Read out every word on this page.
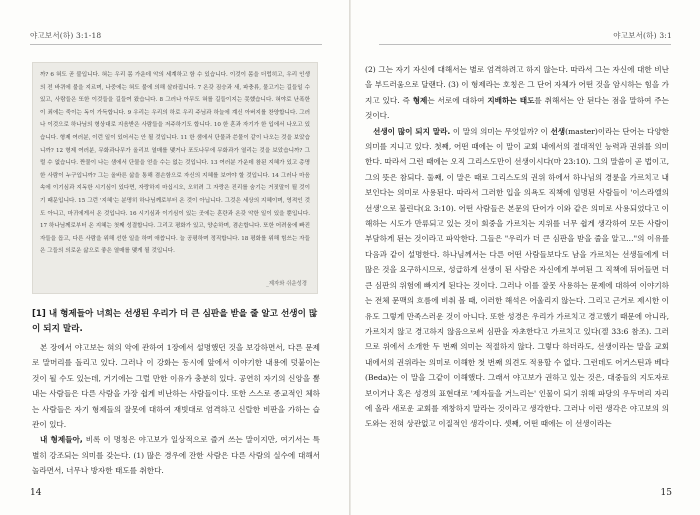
야고보서(하) 3:1-18
까? 6 혀도 곧 불입니다. 혀는 우리 몸 가운데 악의 세계하고 함 수 있습니다. 이것이 몸을 더럽히고, 우리 인생의 전 바퀴에 불을 지르며, 나중에는 혀도 불에 의해 살라집니다. 7 온갖 짐승과 새, 파충류, 물고기는 길들일 수 있고, 사람들은 또한 이것들을 길들여 왔습니다. 8 그러나 아무도 혀를 길들이지는 못했습니다. 혀야로 난폭한 이 죄에는 죽이는 독이 가득합니다. 9 우리는 우리의 하로 우리 주님과 하늘에 계신 아버지를 찬양합니다. 그러나 이것으로 하나님의 형상대로 지음받은 사람들을 저주하기도 합니다. 10 한 혼과 자기가 한 입에서 나오고 있습니다. 형제 여러분, 이런 일이 있어서는 안 될 것입니다. 11 한 샘에서 단물과 쓴물이 같이 나오는 것을 보았습니까? 12 형제 여러분, 무화과나무가 올리브 열매를 맺거나 포도나무에 무화과가 열리는 것을 보았습니까? 그럴 수 없습니다. 짠물이 나는 샘에서 단물을 얻을 수는 없는 것입니다. 13 여러분 가운데 참된 지혜가 있고 총명한 사람이 누구입니까? 그는 올바른 삶을 통해 겸손함으로 자신의 지혜를 보여야 할 것입니다. 14 그러나 마음 속에 이기심과 지독한 시기심이 있다면, 자랑하지 마십시오, 오히려 그 자랑은 진리를 숨기는 거짓말이 될 것이기 때문입니다. 15 그런 '지혜'는 분명히 하나님께로부터 온 것이 아닙니다. 그것은 세상의 지혜이며, 영적인 것도 아니고, 마귀에게서 온 것입니다. 16 시기심과 이기심이 있는 곳에는 혼란과 온갖 악한 일이 있을 뿐입니다. 17 하나님께로부터 온 지혜는 첫째 성결합니다. 그리고 평화가 있고, 양순하며, 겸손합니다. 또한 어려움에 빠진 자들을 돕고, 다른 사람을 위해 선한 일을 하며 애씁니다. 늘 공평하며 정직합니다. 18 평화를 위해 힘쓰는 자들은 그들의 의로운 삶으로 좋은 열매를 맺게 될 것입니다.
_제자와 쉬운성경
[1] 내 형제들아 너희는 선생된 우리가 더 큰 심판을 받을 줄 알고 선생이 많이 되지 말라.

본 장에서 야고보는 혀의 악에 관하여 1장에서 설명했던 것을 보강하면서, 다른 문제로 말머리를 돌리고 있다. 그러나 이 강화는 동시에 앞에서 이야기한 내용에 덧붙이는 것이 될 수도 있는데, 거기에는 그럴 만한 이유가 충분히 있다. 공연히 자기의 신앙을 뽐내는 사람들은 다른 사람을 가장 쉽게 비난하는 사람들이다. 또한 스스로 종교적인 체하는 사람들은 자기 형제들의 잘못에 대하여 재빗대로 엄격하고 신랄한 비판을 가하는 습관이 있다.

내 형제들아, 비록 이 명칭은 야고보가 일상적으로 즐겨 쓰는 말이지만, 여기서는 특별히 강조되는 의미를 갖는다. (1) 많은 경우에 잔한 사람은 다른 사람의 실수에 대해서 놀라면서, 너무나 방자한 태도를 취한다.

14
야고보서(하) 3:1

(2) 그는 자기 자신에 대해서는 별로 엄격하려고 하지 않는다. 따라서 그는 자신에 대한 비난을 부드러움으로 달랜다. (3) 이 형제라는 호칭은 그 단어 자체가 어떤 것을 암시하는 힘을 가지고 있다. 즉 형제는 서로에 대하여 지배하는 태도를 취해서는 안 된다는 점을 말하여 주는 것이다.

선생이 많이 되지 말라. 이 말의 의미는 무엇일까? 이 선생(master)이라는 단어는 다양한 의미를 지니고 있다. 첫째, 어떤 때에는 이 말이 교회 내에서의 절대적인 능력과 권위를 의미한다. 따라서 그런 때에는 오직 그리스도만이 선생이시다(마 23:10). 그의 말씀이 곧 법이고, 그의 뜻은 참되다. 둘째, 이 말은 때로 그리스도의 권위 하에서 하나님의 경륜을 가르치고 내보인다는 의미로 사용된다. 따라서 그러한 입을 의욕도 직책에 임명된 사람들이 '이스라엘의 선생'으로 불린다(요 3:10). 어떤 사람들은 본문의 단어가 이와 같은 의미로 사용되었다고 이해하는 시도가 만류되고 있는 것이 회중을 가르치는 지위를 너무 쉽게 생각하여 모든 사람이 부담하게 된는 것이라고 파악한다. 그들은 "우리가 더 큰 심판을 받을 줄을 알고…"의 이유를 다음과 같이 설명한다. 하나님께서는 다른 어떤 사람들보다도 남을 가르치는 선생들에게 더 많은 것을 요구하시므로, 성급하게 선생이 된 사람은 자신에게 부여된 그 직책에 뒤어들면 더 큰 심판의 위험에 빠지게 된다는 것이다. 그러나 이를 잘못 사용하는 문제에 대하여 이야기하는 전체 문맥의 흐름에 비춰 볼 때, 이러한 해석은 어울리지 않는다. 그리고 근거로 제시한 이유도 그렇게 만족스러운 것이 아니다. 또한 성경은 우리가 가르치고 경고했기 때문에 아니라, 가르치지 않고 경고하지 않음으로써 심판을 자초한다고 가르치고 있다(겔 33:6 참조). 그러므로 위에서 소개한 두 번째 의미는 적절하지 않다. 그렇다 하더라도, 선생이라는 말을 교회 내에서의 권위라는 의미로 이해한 첫 번째 의견도 적용할 수 없다. 그런데도 어거스틴과 베다(Beda)는 이 말을 그같이 이해했다. 그래서 야고보가 권하고 있는 것은, 대중들의 지도자로 보이거나 혹은 성경의 표현대로 '제자들을 거느리는' 인물이 되기 위해 파당의 우두머리 자리에 올라 새로운 교회를 재창하지 말라는 것이라고 생각한다. 그러나 이런 생각은 야고보의 의도와는 전혀 상관없고 이질적인 생각이다. 셋째, 어떤 때에는 이 선생이라는

15
